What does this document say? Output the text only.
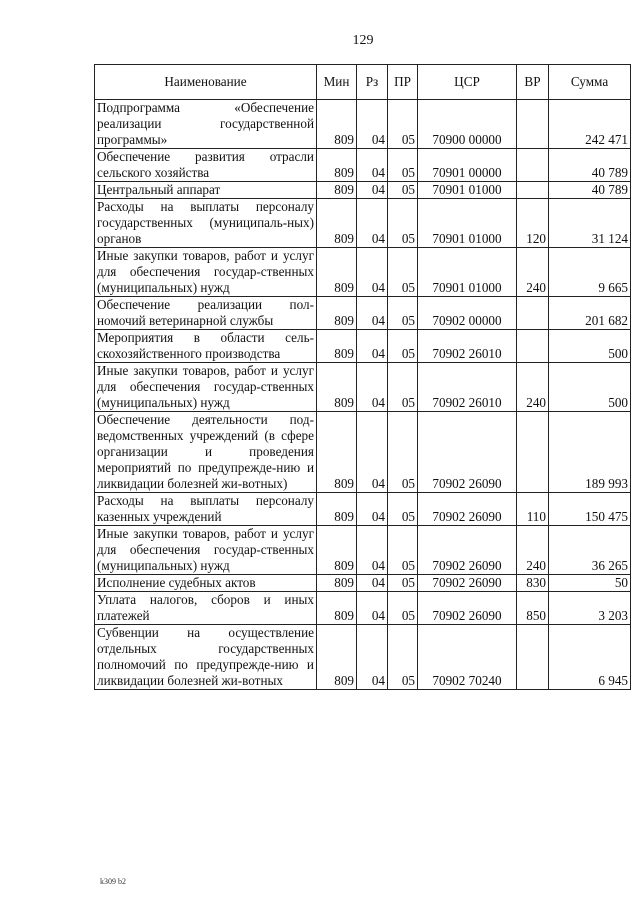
129
Наименование	Мин	Рз	ПР	ЦСР	ВР	Сумма
Подпрограмма «Обеспечение реализации государственной программы»	809	04	05	70900 00000		242 471
Обеспечение развития отрасли сельского хозяйства	809	04	05	70901 00000		40 789
Центральный аппарат	809	04	05	70901 01000		40 789
Расходы на выплаты персоналу государственных (муниципаль-ных) органов	809	04	05	70901 01000	120	31 124
Иные закупки товаров, работ и услуг для обеспечения государ-ственных (муниципальных) нужд	809	04	05	70901 01000	240	9 665
Обеспечение реализации пол-номочий ветеринарной службы	809	04	05	70902 00000		201 682
Мероприятия в области сель-скохозяйственного производства	809	04	05	70902 26010		500
Иные закупки товаров, работ и услуг для обеспечения государ-ственных (муниципальных) нужд	809	04	05	70902 26010	240	500
Обеспечение деятельности под-ведомственных учреждений (в сфере организации и проведения мероприятий по предупрежде-нию и ликвидации болезней жи-вотных)	809	04	05	70902 26090		189 993
Расходы на выплаты персоналу казенных учреждений	809	04	05	70902 26090	110	150 475
Иные закупки товаров, работ и услуг для обеспечения государ-ственных (муниципальных) нужд	809	04	05	70902 26090	240	36 265
Исполнение судебных актов	809	04	05	70902 26090	830	50
Уплата налогов, сборов и иных платежей	809	04	05	70902 26090	850	3 203
Субвенции на осуществление отдельных государственных полномочий по предупрежде-нию и ликвидации болезней жи-вотных	809	04	05	70902 70240		6 945
k309 b2
